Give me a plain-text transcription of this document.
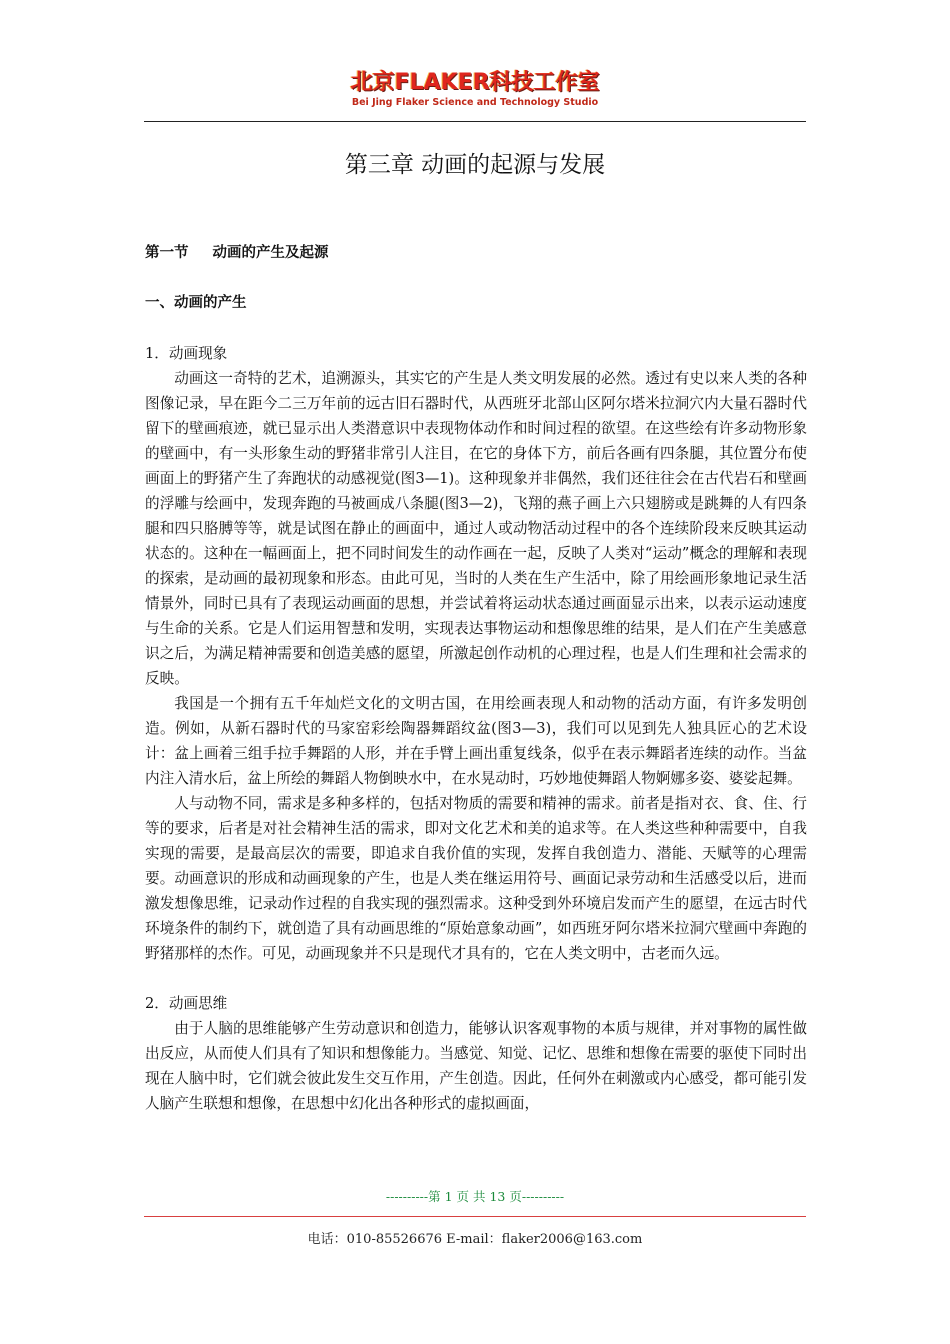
北京FLAKER科技工作室
Bei Jing Flaker Science and Technology Studio
第三章 动画的起源与发展
第一节 动画的产生及起源
一、动画的产生

1．动画现象

动画这一奇特的艺术，追溯源头，其实它的产生是人类文明发展的必然。透过有史以来人类的各种图像记录，早在距今二三万年前的远古旧石器时代，从西班牙北部山区阿尔塔米拉洞穴内大量石器时代留下的壁画痕迹，就已显示出人类潜意识中表现物体动作和时间过程的欲望。在这些绘有许多动物形象的壁画中，有一头形象生动的野猪非常引人注目，在它的身体下方，前后各画有四条腿，其位置分布使画面上的野猪产生了奔跑状的动感视觉(图3—1)。这种现象并非偶然，我们还往往会在古代岩石和壁画的浮雕与绘画中，发现奔跑的马被画成八条腿(图3—2)，飞翔的燕子画上六只翅膀或是跳舞的人有四条腿和四只胳膊等等，就是试图在静止的画面中，通过人或动物活动过程中的各个连续阶段来反映其运动状态的。这种在一幅画面上，把不同时间发生的动作画在一起，反映了人类对“运动”概念的理解和表现的探索，是动画的最初现象和形态。由此可见，当时的人类在生产生活中，除了用绘画形象地记录生活情景外，同时已具有了表现运动画面的思想，并尝试着将运动状态通过画面显示出来，以表示运动速度与生命的关系。它是人们运用智慧和发明，实现表达事物运动和想像思维的结果，是人们在产生美感意识之后，为满足精神需要和创造美感的愿望，所激起创作动机的心理过程，也是人们生理和社会需求的反映。

我国是一个拥有五千年灿烂文化的文明古国，在用绘画表现人和动物的活动方面，有许多发明创造。例如，从新石器时代的马家窑彩绘陶器舞蹈纹盆(图3—3)，我们可以见到先人独具匠心的艺术设计：盆上画着三组手拉手舞蹈的人形，并在手臂上画出重复线条，似乎在表示舞蹈者连续的动作。当盆内注入清水后，盆上所绘的舞蹈人物倒映水中，在水晃动时，巧妙地使舞蹈人物婀娜多姿、婆娑起舞。

人与动物不同，需求是多种多样的，包括对物质的需要和精神的需求。前者是指对衣、食、住、行等的要求，后者是对社会精神生活的需求，即对文化艺术和美的追求等。在人类这些种种需要中，自我实现的需要，是最高层次的需要，即追求自我价值的实现，发挥自我创造力、潜能、天赋等的心理需要。动画意识的形成和动画现象的产生，也是人类在继运用符号、画面记录劳动和生活感受以后，进而激发想像思维，记录动作过程的自我实现的强烈需求。这种受到外环境启发而产生的愿望，在远古时代环境条件的制约下，就创造了具有动画思维的“原始意象动画”，如西班牙阿尔塔米拉洞穴壁画中奔跑的野猪那样的杰作。可见，动画现象并不只是现代才具有的，它在人类文明中，古老而久远。

2．动画思维

由于人脑的思维能够产生劳动意识和创造力，能够认识客观事物的本质与规律，并对事物的属性做出反应，从而使人们具有了知识和想像能力。当感觉、知觉、记忆、思维和想像在需要的驱使下同时出现在人脑中时，它们就会彼此发生交互作用，产生创造。因此，任何外在刺激或内心感受，都可能引发人脑产生联想和想像，在思想中幻化出各种形式的虚拟画面，

----------第 1 页 共 13 页----------
电话：010-85526676 E-mail：flaker2006@163.com
